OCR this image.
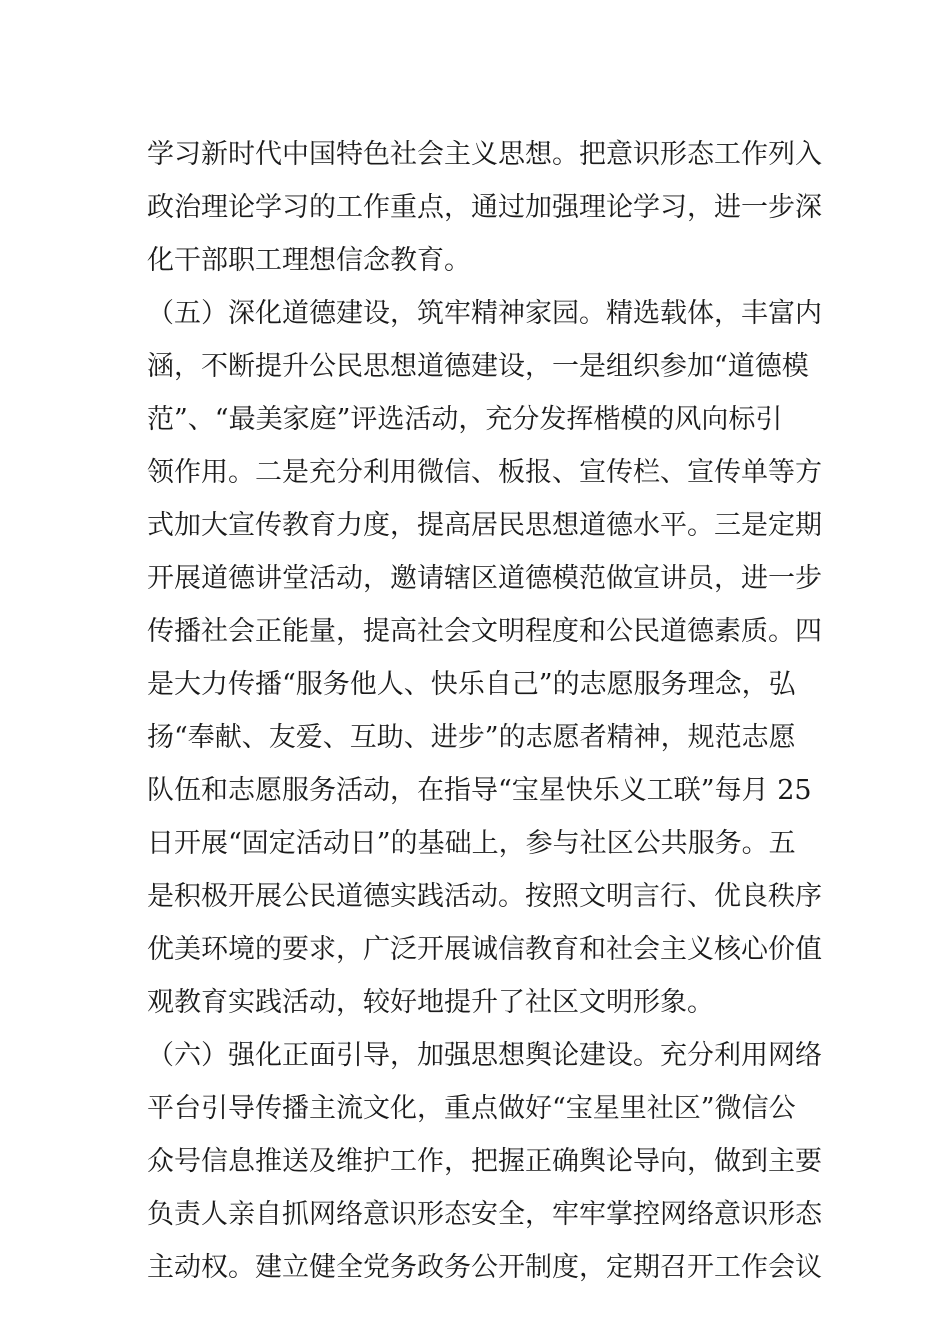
学习新时代中国特色社会主义思想。把意识形态工作列入
政治理论学习的工作重点，通过加强理论学习，进一步深
化干部职工理想信念教育。
（五）深化道德建设，筑牢精神家园。精选载体，丰富内
涵，不断提升公民思想道德建设，一是组织参加“道德模
范”、“最美家庭”评选活动，充分发挥楷模的风向标引
领作用。二是充分利用微信、板报、宣传栏、宣传单等方
式加大宣传教育力度，提高居民思想道德水平。三是定期
开展道德讲堂活动，邀请辖区道德模范做宣讲员，进一步
传播社会正能量，提高社会文明程度和公民道德素质。四
是大力传播“服务他人、快乐自己”的志愿服务理念，弘
扬“奉献、友爱、互助、进步”的志愿者精神，规范志愿
队伍和志愿服务活动，在指导“宝星快乐义工联”每月 25
日开展“固定活动日”的基础上，参与社区公共服务。五
是积极开展公民道德实践活动。按照文明言行、优良秩序
优美环境的要求，广泛开展诚信教育和社会主义核心价值
观教育实践活动，较好地提升了社区文明形象。
（六）强化正面引导，加强思想舆论建设。充分利用网络
平台引导传播主流文化，重点做好“宝星里社区”微信公
众号信息推送及维护工作，把握正确舆论导向，做到主要
负责人亲自抓网络意识形态安全，牢牢掌控网络意识形态
主动权。建立健全党务政务公开制度，定期召开工作会议
